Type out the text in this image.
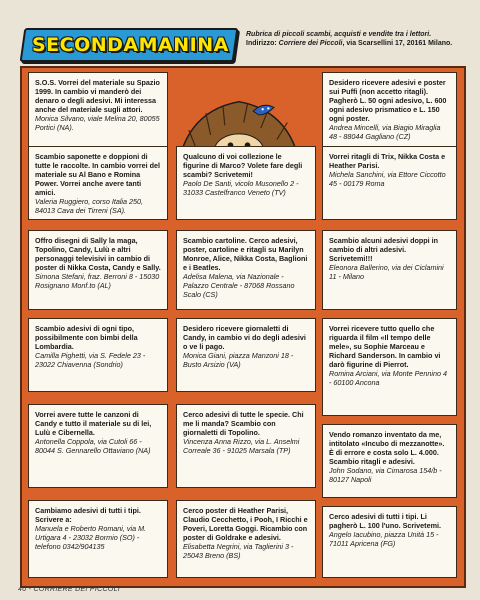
SECONDAMANINA Rubrica di piccoli scambi, acquisti e vendite tra i lettori.
Indirizzo: Corriere dei Piccoli, via Scarsellini 17, 20161 Milano.
S.O.S. Vorrei del materiale su Spazio 1999. In cambio vi manderò dei denaro o degli adesivi. Mi interessa anche del materiale sugli attori.
Monica Silvano, viale Melina 20, 80055 Portici (NA).
Desidero ricevere adesivi e poster sui Puffi (non accetto ritagli). Pagherò L. 50 ogni adesivo, L. 600 ogni adesivo prismatico e L. 150 ogni poster.
Andrea Mincelli, via Biagio Miraglia 48 - 88044 Gagliano (CZ)
Scambio saponette e doppioni di tutte le raccolte. In cambio vorrei del materiale su Al Bano e Romina Power. Vorrei anche avere tanti amici.
Valeria Ruggiero, corso Italia 250, 84013 Cava dei Tirreni (SA).
Qualcuno di voi collezione le figurine di Marco? Volete fare degli scambi? Scrivetemi!
Paolo De Santi, vicolo Musonello 2 - 31033 Castelfranco Veneto (TV)
Vorrei ritagli di Trix, Nikka Costa e Heather Parisi.
Michela Sanchini, via Ettore Ciccotto 45 - 00179 Roma
Offro disegni di Sally la maga, Topolino, Candy, Lulù e altri personaggi televisivi in cambio di poster di Nikka Costa, Candy e Sally.
Simona Stefani, fraz. Berroni 8 - 15030 Rosignano Monf.to (AL)
Scambio cartoline. Cerco adesivi, poster, cartoline e ritagli su Marilyn Monroe, Alice, Nikka Costa, Baglioni e i Beatles.
Adelisa Malena, via Nazionale - Palazzo Centrale - 87068 Rossano Scalo (CS)
Scambio alcuni adesivi doppi in cambio di altri adesivi. Scrivetemi!!!
Eleonora Ballerino, via dei Ciclamini 11 - Milano
Scambio adesivi di ogni tipo, possibilmente con bimbi della Lombardia.
Camilla Pighetti, via S. Fedele 23 - 23022 Chiavenna (Sondrio)
Desidero ricevere giornaletti di Candy, in cambio vi do degli adesivi o ve li pago.
Monica Giani, piazza Manzoni 18 - Busto Arsizio (VA)
Vorrei ricevere tutto quello che riguarda il film «Il tempo delle mele», su Sophie Marceau e Richard Sanderson. In cambio vi darò figurine di Pierrot.
Romina Arciani, via Monte Pennino 4 - 60100 Ancona
Vorrei avere tutte le canzoni di Candy e tutto il materiale su di lei, Lulù e Cibernella.
Antonella Coppola, via Cutoli 66 - 80044 S. Gennarello Ottaviano (NA)
Cerco adesivi di tutte le specie. Chi me li manda? Scambio con giornaletti di Topolino.
Vincenza Anna Rizzo, via L. Anselmi Correale 36 - 91025 Marsala (TP)
Vendo romanzo inventato da me, intitolato «Incubo di mezzanotte». È di errore e costa solo L. 4.000. Scambio ritagli e adesivi.
John Sodano, via Cimarosa 154/b - 80127 Napoli
Cambiamo adesivi di tutti i tipi. Scrivere a:
Manuela e Roberto Romani, via M. Urtigara 4 - 23032 Bormio (SO) - telefono 0342/904135
Cerco poster di Heather Parisi, Claudio Cecchetto, i Pooh, I Ricchi e Poveri, Loretta Goggi. Ricambio con poster di Goldrake e adesivi.
Elisabetta Negrini, via Taglierini 3 - 25043 Breno (BS)
Cerco adesivi di tutti i tipi. Li pagherò L. 100 l'uno. Scrivetemi.
Angelo Iacubino, piazza Unità 15 - 71011 Apricena (FG)
40 - CORRIERE DEI PICCOLI
